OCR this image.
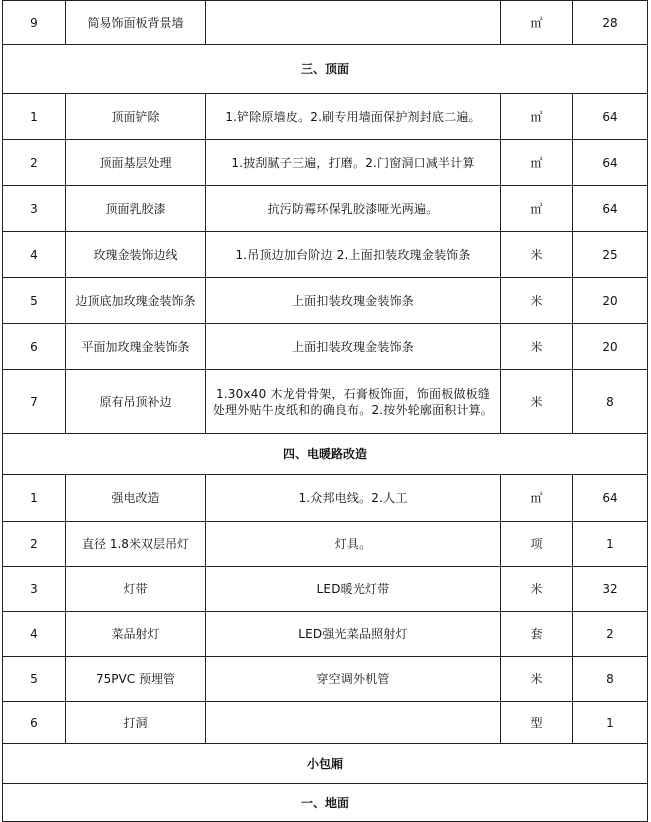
9	简易饰面板背景墙		㎡	28
三、顶面				
1	顶面铲除	1.铲除原墙皮。2.刷专用墙面保护剂封底二遍。	㎡	64
2	顶面基层处理	1.披刮腻子三遍，打磨。2.门窗洞口减半计算	㎡	64
3	顶面乳胶漆	抗污防霉环保乳胶漆哑光两遍。	㎡	64
4	玫瑰金装饰边线	1.吊顶边加台阶边 2.上面扣装玫瑰金装饰条	米	25
5	边顶底加玫瑰金装饰条	上面扣装玫瑰金装饰条	米	20
6	平面加玫瑰金装饰条	上面扣装玫瑰金装饰条	米	20
7	原有吊顶补边	1.30x40 木龙骨骨架，石膏板饰面，饰面板做板缝处理外贴牛皮纸和的确良布。2.按外轮廓面积计算。	米	8
四、电暖路改造				
1	强电改造	1.众邦电线。2.人工	㎡	64
2	直径 1.8米双层吊灯	灯具。	项	1
3	灯带	LED暖光灯带	米	32
4	菜品射灯	LED强光菜品照射灯	套	2
5	75PVC 预埋管	穿空调外机管	米	8
6	打洞		型	1
小包厢				
一、地面				
